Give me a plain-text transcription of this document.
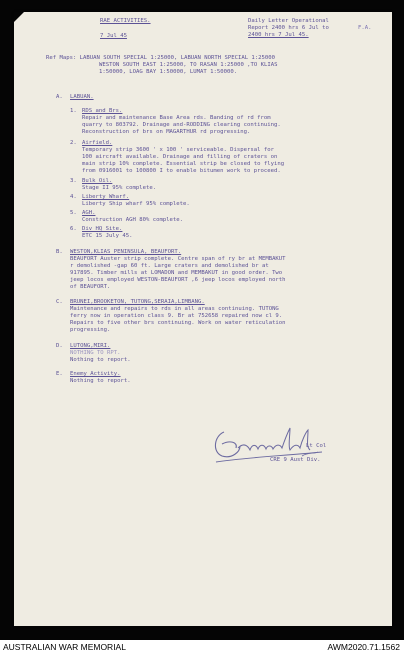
RAE ACTIVITIES.
7 Jul 45
Daily Letter Operational
Report 2400 hrs 6 Jul to
2400 hrs 7 Jul 45.
F.A.
Ref Maps: LABUAN SOUTH SPECIAL 1:25000, LABUAN NORTH SPECIAL 1:25000
WESTON SOUTH EAST 1:25000, TO RASAN 1:25000 ,TO KLIAS
1:50000, LOAG BAY 1:50000, LUMAT 1:50000.
A. LABUAN.
1. RDS and Brs.
Repair and maintenance Base Area rds. Banding of rd from
quarry to 803792. Drainage and-RODDING clearing continuing.
Reconstruction of brs on MAGARTHUR rd progressing.
2. Airfield.
Temporary strip 3600 ' x 100 ' serviceable. Dispersal for
100 aircraft available. Drainage and filling of craters on
main strip 10% complete. Essential strip be closed to flying
from 0916001 to 100800 I to enable bitumen work to proceed.
3. Bulk Oil.
Stage II 95% complete.
4. Liberty Wharf.
Liberty Ship wharf 95% complete.
5. AGH.
Construction AGH 80% complete.
6. Div HQ Site.
ETC 15 July 45.
B. WESTON,KLIAS PENINSULA, BEAUFORT.
BEAUFORT Auster strip complete. Centre span of ry br at MEMBAKUT
r demolished -gap 60 ft. Large craters and demolished br at
917895. Timber mills at LOMADON and MEMBAKUT in good order. Two
jeep locos employed WESTON-BEAUFORT ,6 jeep locos employed north
of BEAUFORT.
C. BRUNEI,BROOKETON, TUTONG,SERAIA,LIMBANG.
Maintenance and repairs to rds in all areas continuing. TUTONG
ferry now in operation class 9. Br at 752658 repaired now cl 9.
Repairs to five other brs continuing. Work on water reticulation
progressing.
D. LUTONG,MIRI.
NOTHING TO RPT.
Nothing to report.
E. Enemy Activity.
Nothing to report.
Lt Col
CRE 9 Aust Div.
AUSTRALIAN WAR MEMORIAL	AWM2020.71.1562
